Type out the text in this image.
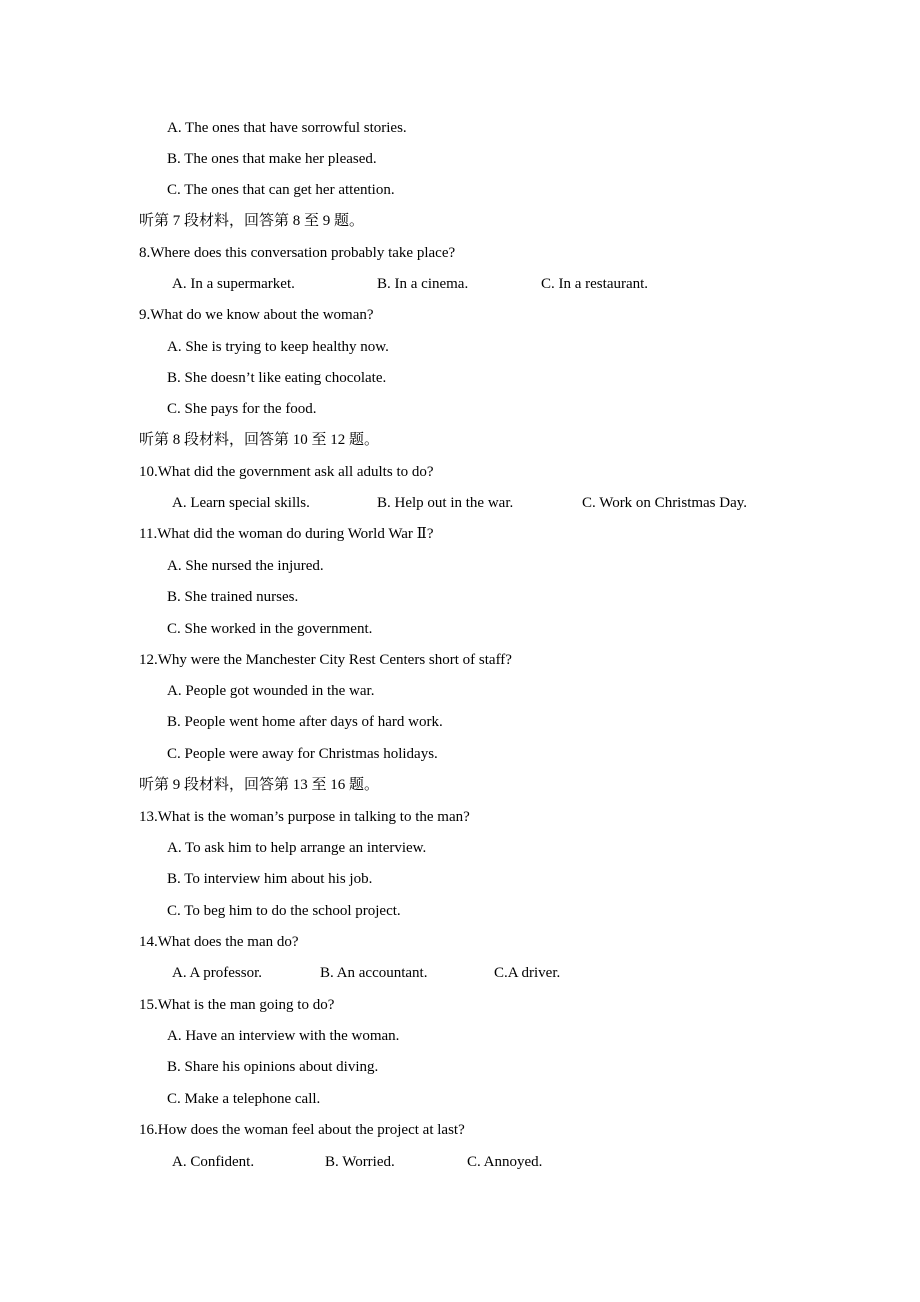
A. The ones that have sorrowful stories.
B. The ones that make her pleased.
C. The ones that can get her attention.
听第 7 段材料，回答第 8 至 9 题。
8.Where does this conversation probably take place?
A. In a supermarket.	B. In a cinema.	C. In a restaurant.
9.What do we know about the woman?
A. She is trying to keep healthy now.
B. She doesn’t like eating chocolate.
C. She pays for the food.
听第 8 段材料，回答第 10 至 12 题。
10.What did the government ask all adults to do?
A. Learn special skills.	B. Help out in the war.	C. Work on Christmas Day.
11.What did the woman do during World War Ⅱ?
A. She nursed the injured.
B. She trained nurses.
C. She worked in the government.
12.Why were the Manchester City Rest Centers short of staff?
A. People got wounded in the war.
B. People went home after days of hard work.
C. People were away for Christmas holidays.
听第 9 段材料，回答第 13 至 16 题。
13.What is the woman’s purpose in talking to the man?
A. To ask him to help arrange an interview.
B. To interview him about his job.
C. To beg him to do the school project.
14.What does the man do?
A. A professor.	B. An accountant.	C.A driver.
15.What is the man going to do?
A. Have an interview with the woman.
B. Share his opinions about diving.
C. Make a telephone call.
16.How does the woman feel about the project at last?
A. Confident.	B. Worried.	C. Annoyed.
